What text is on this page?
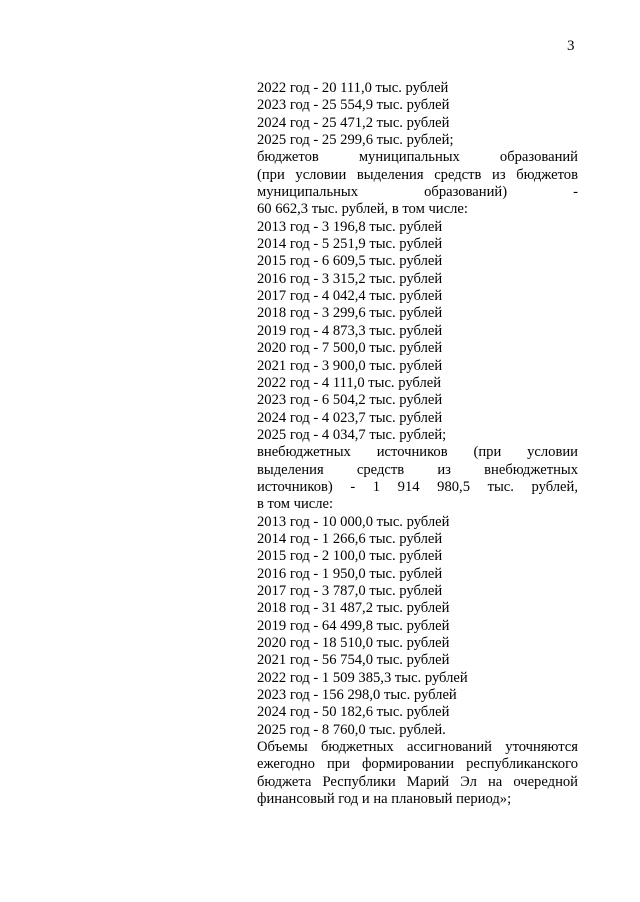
3
2022 год - 20 111,0 тыс. рублей
2023 год - 25 554,9 тыс. рублей
2024 год - 25 471,2 тыс. рублей
2025 год - 25 299,6 тыс. рублей;
бюджетов муниципальных образований
(при условии выделения средств из бюджетов
муниципальных образований) -
60 662,3 тыс. рублей, в том числе:
2013 год - 3 196,8 тыс. рублей
2014 год - 5 251,9 тыс. рублей
2015 год - 6 609,5 тыс. рублей
2016 год - 3 315,2 тыс. рублей
2017 год - 4 042,4 тыс. рублей
2018 год - 3 299,6 тыс. рублей
2019 год - 4 873,3 тыс. рублей
2020 год - 7 500,0 тыс. рублей
2021 год - 3 900,0 тыс. рублей
2022 год - 4 111,0 тыс. рублей
2023 год - 6 504,2 тыс. рублей
2024 год - 4 023,7 тыс. рублей
2025 год - 4 034,7 тыс. рублей;
внебюджетных источников (при условии
выделения средств из внебюджетных
источников) - 1 914 980,5 тыс. рублей,
в том числе:
2013 год - 10 000,0 тыс. рублей
2014 год - 1 266,6 тыс. рублей
2015 год - 2 100,0 тыс. рублей
2016 год - 1 950,0 тыс. рублей
2017 год - 3 787,0 тыс. рублей
2018 год - 31 487,2 тыс. рублей
2019 год - 64 499,8 тыс. рублей
2020 год - 18 510,0 тыс. рублей
2021 год - 56 754,0 тыс. рублей
2022 год - 1 509 385,3 тыс. рублей
2023 год - 156 298,0 тыс. рублей
2024 год - 50 182,6 тыс. рублей
2025 год - 8 760,0 тыс. рублей.
Объемы бюджетных ассигнований уточняются ежегодно при формировании республиканского бюджета Республики Марий Эл на очередной финансовый год и на плановый период»;
